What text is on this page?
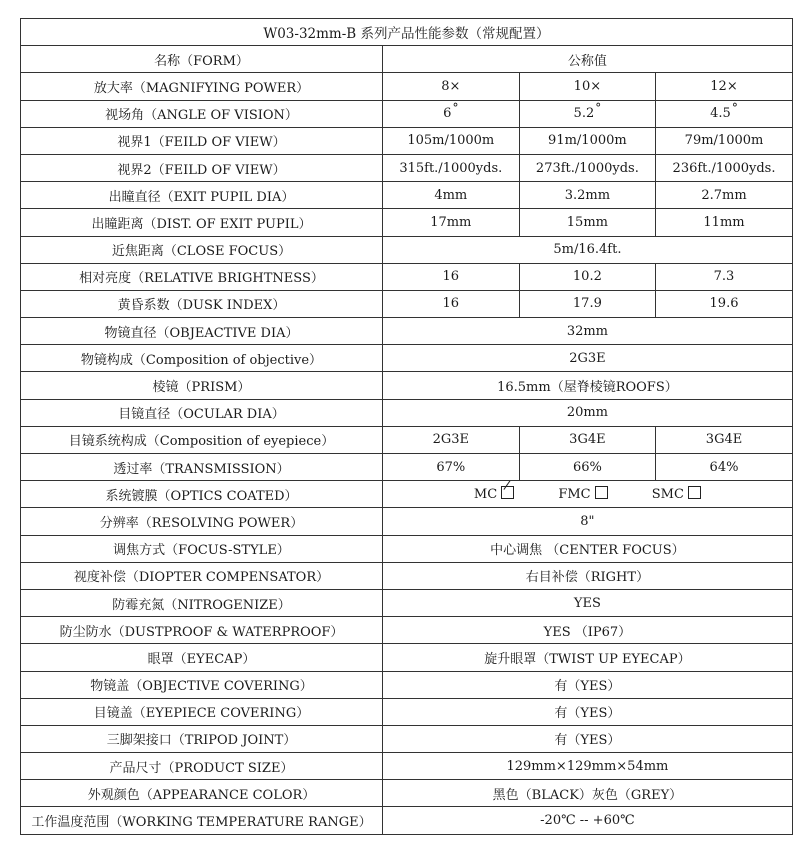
W03-32mm-B 系列产品性能参数（常规配置）			
名称（FORM）	公称值		
放大率（MAGNIFYING POWER）	8×	10×	12×
视场角（ANGLE OF VISION）	6°	5.2°	4.5°
视界1（FEILD OF VIEW）	105m/1000m	91m/1000m	79m/1000m
视界2（FEILD OF VIEW）	315ft./1000yds.	273ft./1000yds.	236ft./1000yds.
出瞳直径（EXIT PUPIL DIA）	4mm	3.2mm	2.7mm
出瞳距离（DIST. OF EXIT PUPIL）	17mm	15mm	11mm
近焦距离（CLOSE FOCUS）	5m/16.4ft.		
相对亮度（RELATIVE BRIGHTNESS）	16	10.2	7.3
黄昏系数（DUSK INDEX）	16	17.9	19.6
物镜直径（OBJEACTIVE DIA）	32mm		
物镜构成（Composition of objective）	2G3E		
棱镜（PRISM）	16.5mm（屋脊棱镜ROOFS）		
目镜直径（OCULAR DIA）	20mm		
目镜系统构成（Composition of eyepiece）	2G3E	3G4E	3G4E
透过率（TRANSMISSION）	67%	66%	64%
系统镀膜（OPTICS COATED）	MC FMC SMC		
分辨率（RESOLVING POWER）	8"		
调焦方式（FOCUS-STYLE）	中心调焦 （CENTER FOCUS）		
视度补偿（DIOPTER COMPENSATOR）	右目补偿（RIGHT）		
防霉充氮（NITROGENIZE）	YES		
防尘防水（DUSTPROOF & WATERPROOF）	YES （IP67）		
眼罩（EYECAP）	旋升眼罩（TWIST UP EYECAP）		
物镜盖（OBJECTIVE COVERING）	有（YES）		
目镜盖（EYEPIECE COVERING）	有（YES）		
三脚架接口（TRIPOD JOINT）	有（YES）		
产品尺寸（PRODUCT SIZE）	129mm×129mm×54mm		
外观颜色（APPEARANCE COLOR）	黑色（BLACK）灰色（GREY）		
工作温度范围（WORKING TEMPERATURE RANGE）	-20℃ -- +60℃		
